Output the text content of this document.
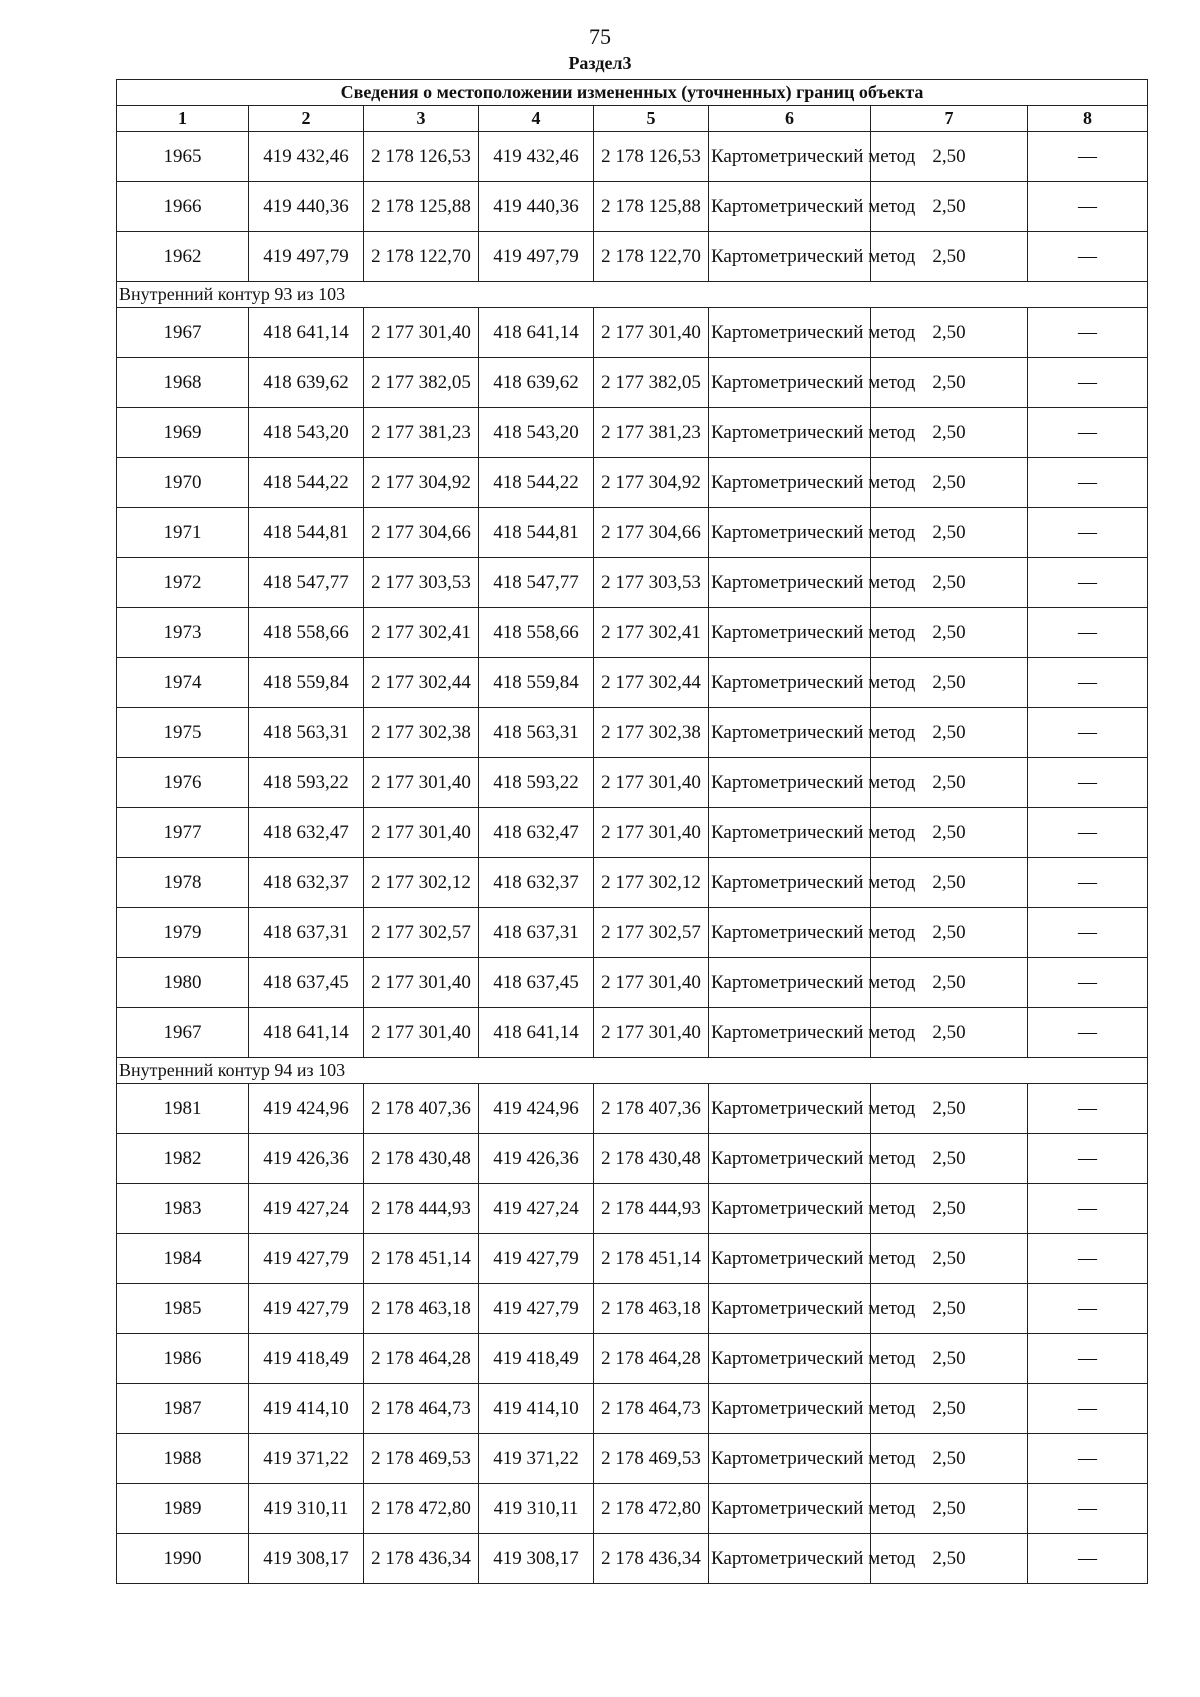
75
Раздел3
Сведения о местоположении измененных (уточненных) границ объекта							
1	2	3	4	5	6	7	8
1965	419 432,46	2 178 126,53	419 432,46	2 178 126,53	Картометрический метод	2,50	—
1966	419 440,36	2 178 125,88	419 440,36	2 178 125,88	Картометрический метод	2,50	—
1962	419 497,79	2 178 122,70	419 497,79	2 178 122,70	Картометрический метод	2,50	—
Внутренний контур 93 из 103							
1967	418 641,14	2 177 301,40	418 641,14	2 177 301,40	Картометрический метод	2,50	—
1968	418 639,62	2 177 382,05	418 639,62	2 177 382,05	Картометрический метод	2,50	—
1969	418 543,20	2 177 381,23	418 543,20	2 177 381,23	Картометрический метод	2,50	—
1970	418 544,22	2 177 304,92	418 544,22	2 177 304,92	Картометрический метод	2,50	—
1971	418 544,81	2 177 304,66	418 544,81	2 177 304,66	Картометрический метод	2,50	—
1972	418 547,77	2 177 303,53	418 547,77	2 177 303,53	Картометрический метод	2,50	—
1973	418 558,66	2 177 302,41	418 558,66	2 177 302,41	Картометрический метод	2,50	—
1974	418 559,84	2 177 302,44	418 559,84	2 177 302,44	Картометрический метод	2,50	—
1975	418 563,31	2 177 302,38	418 563,31	2 177 302,38	Картометрический метод	2,50	—
1976	418 593,22	2 177 301,40	418 593,22	2 177 301,40	Картометрический метод	2,50	—
1977	418 632,47	2 177 301,40	418 632,47	2 177 301,40	Картометрический метод	2,50	—
1978	418 632,37	2 177 302,12	418 632,37	2 177 302,12	Картометрический метод	2,50	—
1979	418 637,31	2 177 302,57	418 637,31	2 177 302,57	Картометрический метод	2,50	—
1980	418 637,45	2 177 301,40	418 637,45	2 177 301,40	Картометрический метод	2,50	—
1967	418 641,14	2 177 301,40	418 641,14	2 177 301,40	Картометрический метод	2,50	—
Внутренний контур 94 из 103							
1981	419 424,96	2 178 407,36	419 424,96	2 178 407,36	Картометрический метод	2,50	—
1982	419 426,36	2 178 430,48	419 426,36	2 178 430,48	Картометрический метод	2,50	—
1983	419 427,24	2 178 444,93	419 427,24	2 178 444,93	Картометрический метод	2,50	—
1984	419 427,79	2 178 451,14	419 427,79	2 178 451,14	Картометрический метод	2,50	—
1985	419 427,79	2 178 463,18	419 427,79	2 178 463,18	Картометрический метод	2,50	—
1986	419 418,49	2 178 464,28	419 418,49	2 178 464,28	Картометрический метод	2,50	—
1987	419 414,10	2 178 464,73	419 414,10	2 178 464,73	Картометрический метод	2,50	—
1988	419 371,22	2 178 469,53	419 371,22	2 178 469,53	Картометрический метод	2,50	—
1989	419 310,11	2 178 472,80	419 310,11	2 178 472,80	Картометрический метод	2,50	—
1990	419 308,17	2 178 436,34	419 308,17	2 178 436,34	Картометрический метод	2,50	—
